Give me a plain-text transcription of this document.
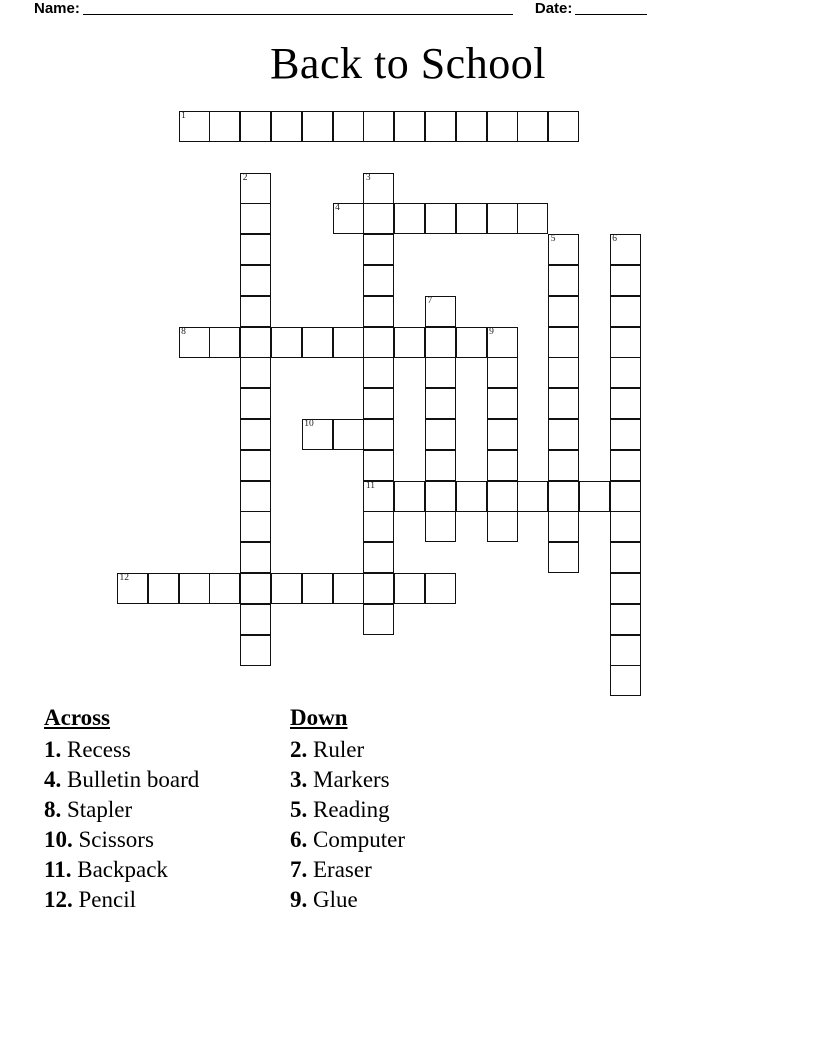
Name:	Date:
Back to School
1
2	3
4
5	6
7
8	9
10
11
12
Across
1. Recess
4. Bulletin board
8. Stapler
10. Scissors
11. Backpack
12. Pencil
Down
2. Ruler
3. Markers
5. Reading
6. Computer
7. Eraser
9. Glue
